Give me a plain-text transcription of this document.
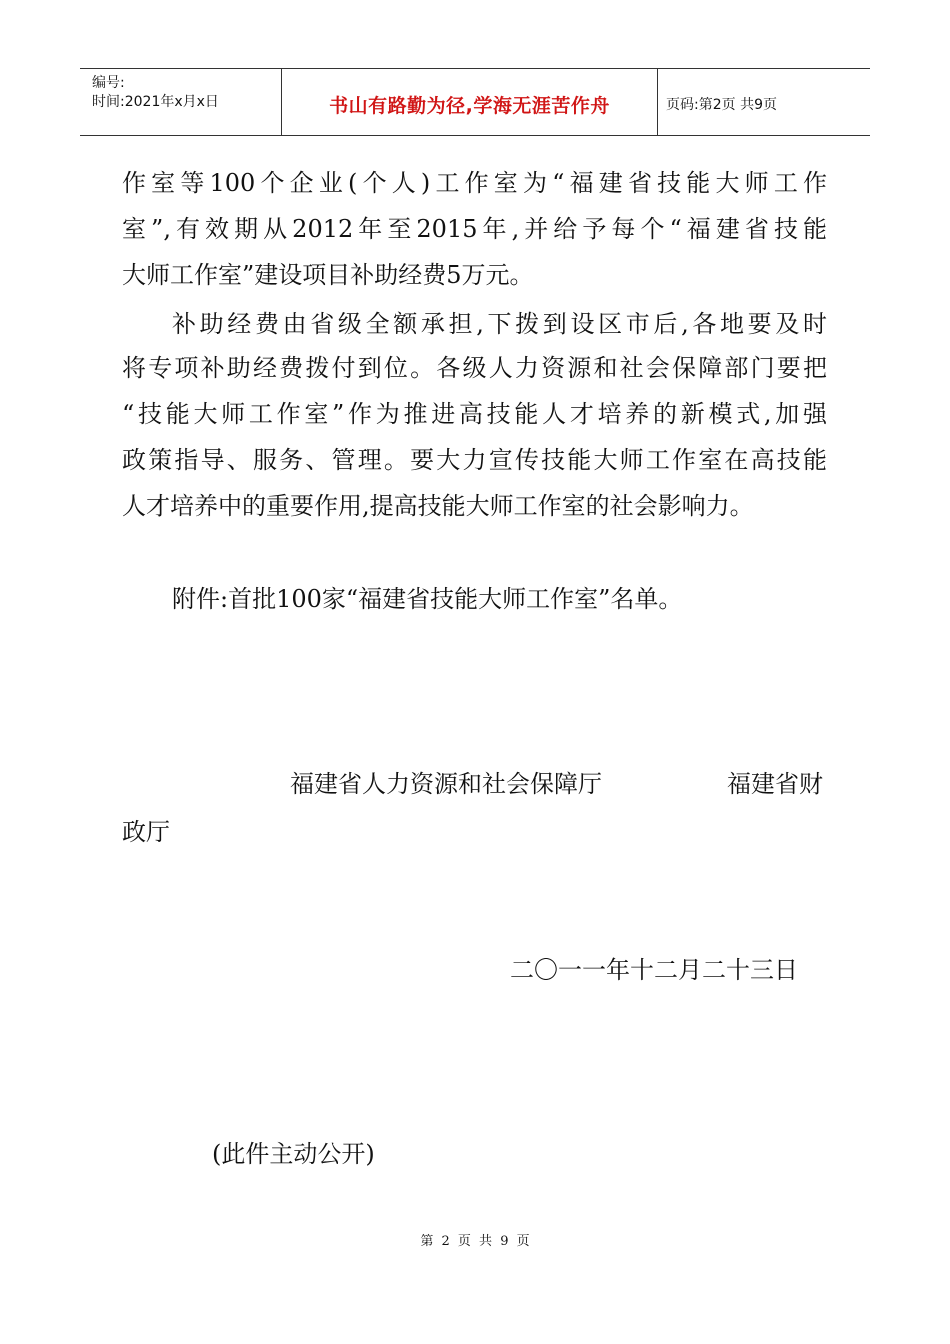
编号:
时间:2021年x月x日	书山有路勤为径,学海无涯苦作舟	页码:第2页 共9页
作室等100个企业(个人)工作室为“福建省技能大师工作
室”,有效期从2012年至2015年,并给予每个“福建省技能
大师工作室”建设项目补助经费5万元。
补助经费由省级全额承担,下拨到设区市后,各地要及时
将专项补助经费拨付到位。各级人力资源和社会保障部门要把
“技能大师工作室”作为推进高技能人才培养的新模式,加强
政策指导、服务、管理。要大力宣传技能大师工作室在高技能
人才培养中的重要作用,提高技能大师工作室的社会影响力。
附件:首批100家“福建省技能大师工作室”名单。
福建省人力资源和社会保障厅	福建省财
政厅
二〇一一年十二月二十三日
(此件主动公开)
第 2 页 共 9 页
